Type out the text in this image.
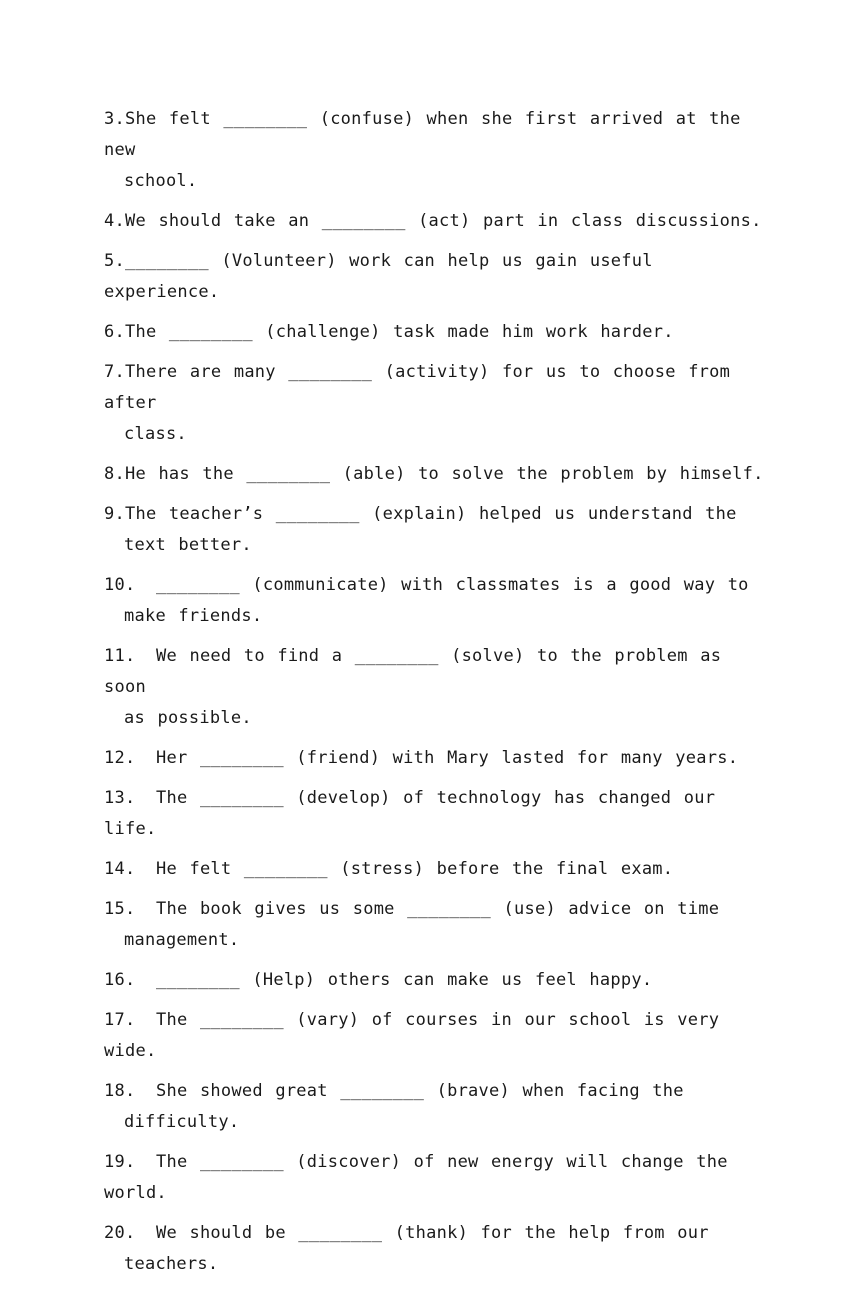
3.She felt ________ (confuse) when she first arrived at the new
school.
4.We should take an ________ (act) part in class discussions.
5.________ (Volunteer) work can help us gain useful experience.
6.The ________ (challenge) task made him work harder.
7.There are many ________ (activity) for us to choose from after
class.
8.He has the ________ (able) to solve the problem by himself.
9.The teacher’s ________ (explain) helped us understand the
text better.
10. ________ (communicate) with classmates is a good way to
make friends.
11. We need to find a ________ (solve) to the problem as soon
as possible.
12. Her ________ (friend) with Mary lasted for many years.
13. The ________ (develop) of technology has changed our life.
14. He felt ________ (stress) before the final exam.
15. The book gives us some ________ (use) advice on time
management.
16. ________ (Help) others can make us feel happy.
17. The ________ (vary) of courses in our school is very wide.
18. She showed great ________ (brave) when facing the
difficulty.
19. The ________ (discover) of new energy will change the world.
20. We should be ________ (thank) for the help from our
teachers.
